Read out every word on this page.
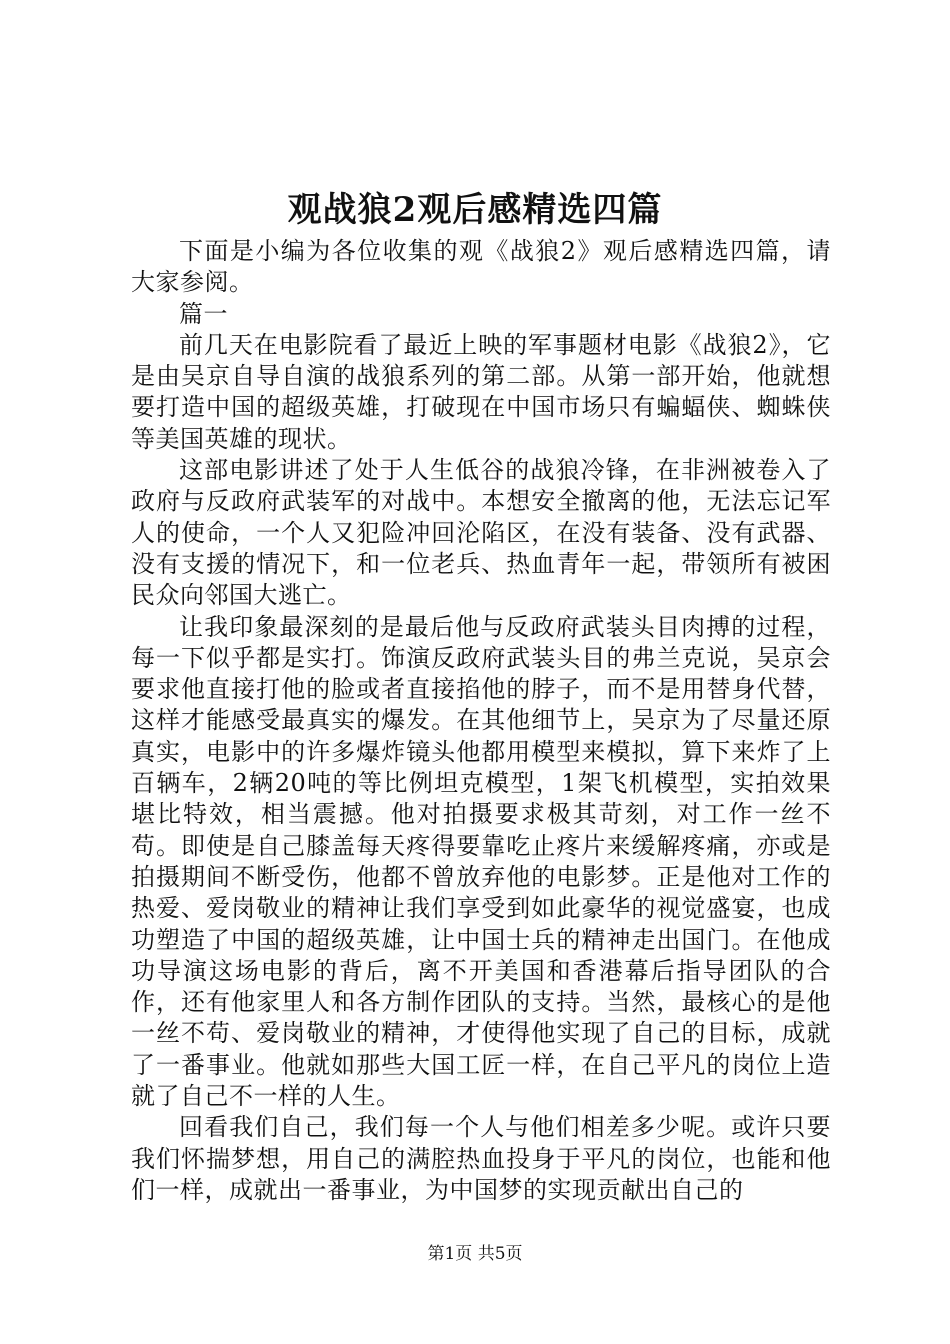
观战狼2观后感精选四篇

下面是小编为各位收集的观《战狼2》观后感精选四篇，请大家参阅。

篇一

前几天在电影院看了最近上映的军事题材电影《战狼2》，它是由吴京自导自演的战狼系列的第二部。从第一部开始，他就想要打造中国的超级英雄，打破现在中国市场只有蝙蝠侠、蜘蛛侠等美国英雄的现状。

这部电影讲述了处于人生低谷的战狼冷锋，在非洲被卷入了政府与反政府武装军的对战中。本想安全撤离的他，无法忘记军人的使命，一个人又犯险冲回沦陷区，在没有装备、没有武器、没有支援的情况下，和一位老兵、热血青年一起，带领所有被困民众向邻国大逃亡。

让我印象最深刻的是最后他与反政府武装头目肉搏的过程，每一下似乎都是实打。饰演反政府武装头目的弗兰克说，吴京会要求他直接打他的脸或者直接掐他的脖子，而不是用替身代替，这样才能感受最真实的爆发。在其他细节上，吴京为了尽量还原真实，电影中的许多爆炸镜头他都用模型来模拟，算下来炸了上百辆车，2辆20吨的等比例坦克模型，1架飞机模型，实拍效果堪比特效，相当震撼。他对拍摄要求极其苛刻，对工作一丝不苟。即使是自己膝盖每天疼得要靠吃止疼片来缓解疼痛，亦或是拍摄期间不断受伤，他都不曾放弃他的电影梦。正是他对工作的热爱、爱岗敬业的精神让我们享受到如此豪华的视觉盛宴，也成功塑造了中国的超级英雄，让中国士兵的精神走出国门。在他成功导演这场电影的背后，离不开美国和香港幕后指导团队的合作，还有他家里人和各方制作团队的支持。当然，最核心的是他一丝不苟、爱岗敬业的精神，才使得他实现了自己的目标，成就了一番事业。他就如那些大国工匠一样，在自己平凡的岗位上造就了自己不一样的人生。

回看我们自己，我们每一个人与他们相差多少呢。或许只要我们怀揣梦想，用自己的满腔热血投身于平凡的岗位，也能和他们一样，成就出一番事业，为中国梦的实现贡献出自己的

第1页 共5页
